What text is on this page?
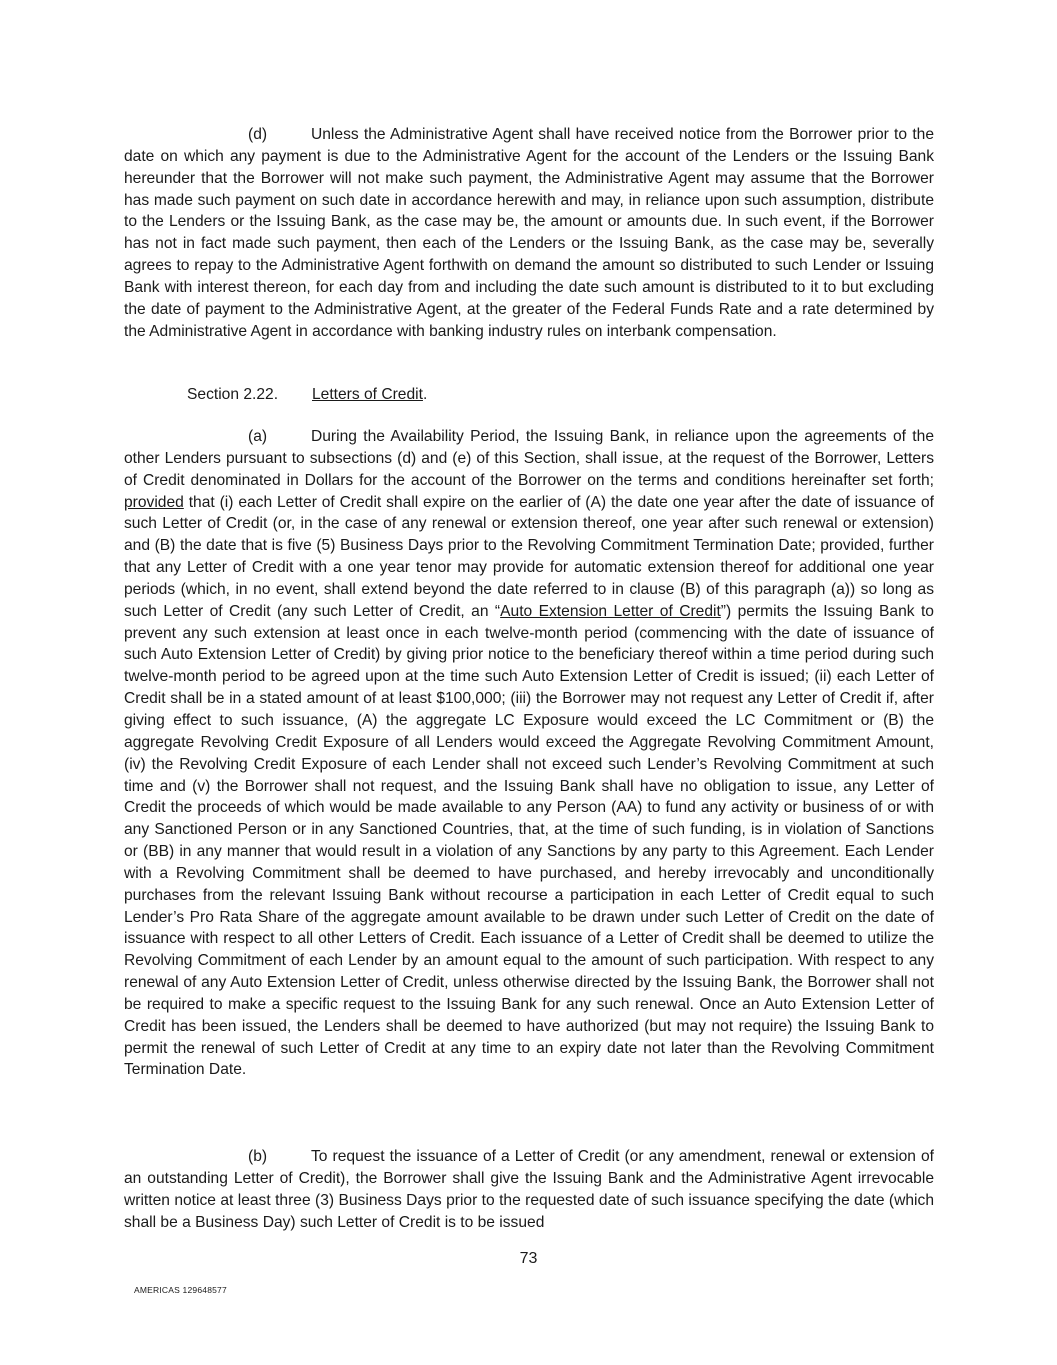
(d)	Unless the Administrative Agent shall have received notice from the Borrower prior to the date on which any payment is due to the Administrative Agent for the account of the Lenders or the Issuing Bank hereunder that the Borrower will not make such payment, the Administrative Agent may assume that the Borrower has made such payment on such date in accordance herewith and may, in reliance upon such assumption, distribute to the Lenders or the Issuing Bank, as the case may be, the amount or amounts due. In such event, if the Borrower has not in fact made such payment, then each of the Lenders or the Issuing Bank, as the case may be, severally agrees to repay to the Administrative Agent forthwith on demand the amount so distributed to such Lender or Issuing Bank with interest thereon, for each day from and including the date such amount is distributed to it to but excluding the date of payment to the Administrative Agent, at the greater of the Federal Funds Rate and a rate determined by the Administrative Agent in accordance with banking industry rules on interbank compensation.

Section 2.22. Letters of Credit.

(a)	During the Availability Period, the Issuing Bank, in reliance upon the agreements of the other Lenders pursuant to subsections (d) and (e) of this Section, shall issue, at the request of the Borrower, Letters of Credit denominated in Dollars for the account of the Borrower on the terms and conditions hereinafter set forth; provided that (i) each Letter of Credit shall expire on the earlier of (A) the date one year after the date of issuance of such Letter of Credit (or, in the case of any renewal or extension thereof, one year after such renewal or extension) and (B) the date that is five (5) Business Days prior to the Revolving Commitment Termination Date; provided, further that any Letter of Credit with a one year tenor may provide for automatic extension thereof for additional one year periods (which, in no event, shall extend beyond the date referred to in clause (B) of this paragraph (a)) so long as such Letter of Credit (any such Letter of Credit, an “Auto Extension Letter of Credit”) permits the Issuing Bank to prevent any such extension at least once in each twelve-month period (commencing with the date of issuance of such Auto Extension Letter of Credit) by giving prior notice to the beneficiary thereof within a time period during such twelve-month period to be agreed upon at the time such Auto Extension Letter of Credit is issued; (ii) each Letter of Credit shall be in a stated amount of at least $100,000; (iii) the Borrower may not request any Letter of Credit if, after giving effect to such issuance, (A) the aggregate LC Exposure would exceed the LC Commitment or (B) the aggregate Revolving Credit Exposure of all Lenders would exceed the Aggregate Revolving Commitment Amount, (iv) the Revolving Credit Exposure of each Lender shall not exceed such Lender’s Revolving Commitment at such time and (v) the Borrower shall not request, and the Issuing Bank shall have no obligation to issue, any Letter of Credit the proceeds of which would be made available to any Person (AA) to fund any activity or business of or with any Sanctioned Person or in any Sanctioned Countries, that, at the time of such funding, is in violation of Sanctions or (BB) in any manner that would result in a violation of any Sanctions by any party to this Agreement. Each Lender with a Revolving Commitment shall be deemed to have purchased, and hereby irrevocably and unconditionally purchases from the relevant Issuing Bank without recourse a participation in each Letter of Credit equal to such Lender’s Pro Rata Share of the aggregate amount available to be drawn under such Letter of Credit on the date of issuance with respect to all other Letters of Credit. Each issuance of a Letter of Credit shall be deemed to utilize the Revolving Commitment of each Lender by an amount equal to the amount of such participation. With respect to any renewal of any Auto Extension Letter of Credit, unless otherwise directed by the Issuing Bank, the Borrower shall not be required to make a specific request to the Issuing Bank for any such renewal. Once an Auto Extension Letter of Credit has been issued, the Lenders shall be deemed to have authorized (but may not require) the Issuing Bank to permit the renewal of such Letter of Credit at any time to an expiry date not later than the Revolving Commitment Termination Date.

(b)	To request the issuance of a Letter of Credit (or any amendment, renewal or extension of an outstanding Letter of Credit), the Borrower shall give the Issuing Bank and the Administrative Agent irrevocable written notice at least three (3) Business Days prior to the requested date of such issuance specifying the date (which shall be a Business Day) such Letter of Credit is to be issued

73
AMERICAS 129648577
